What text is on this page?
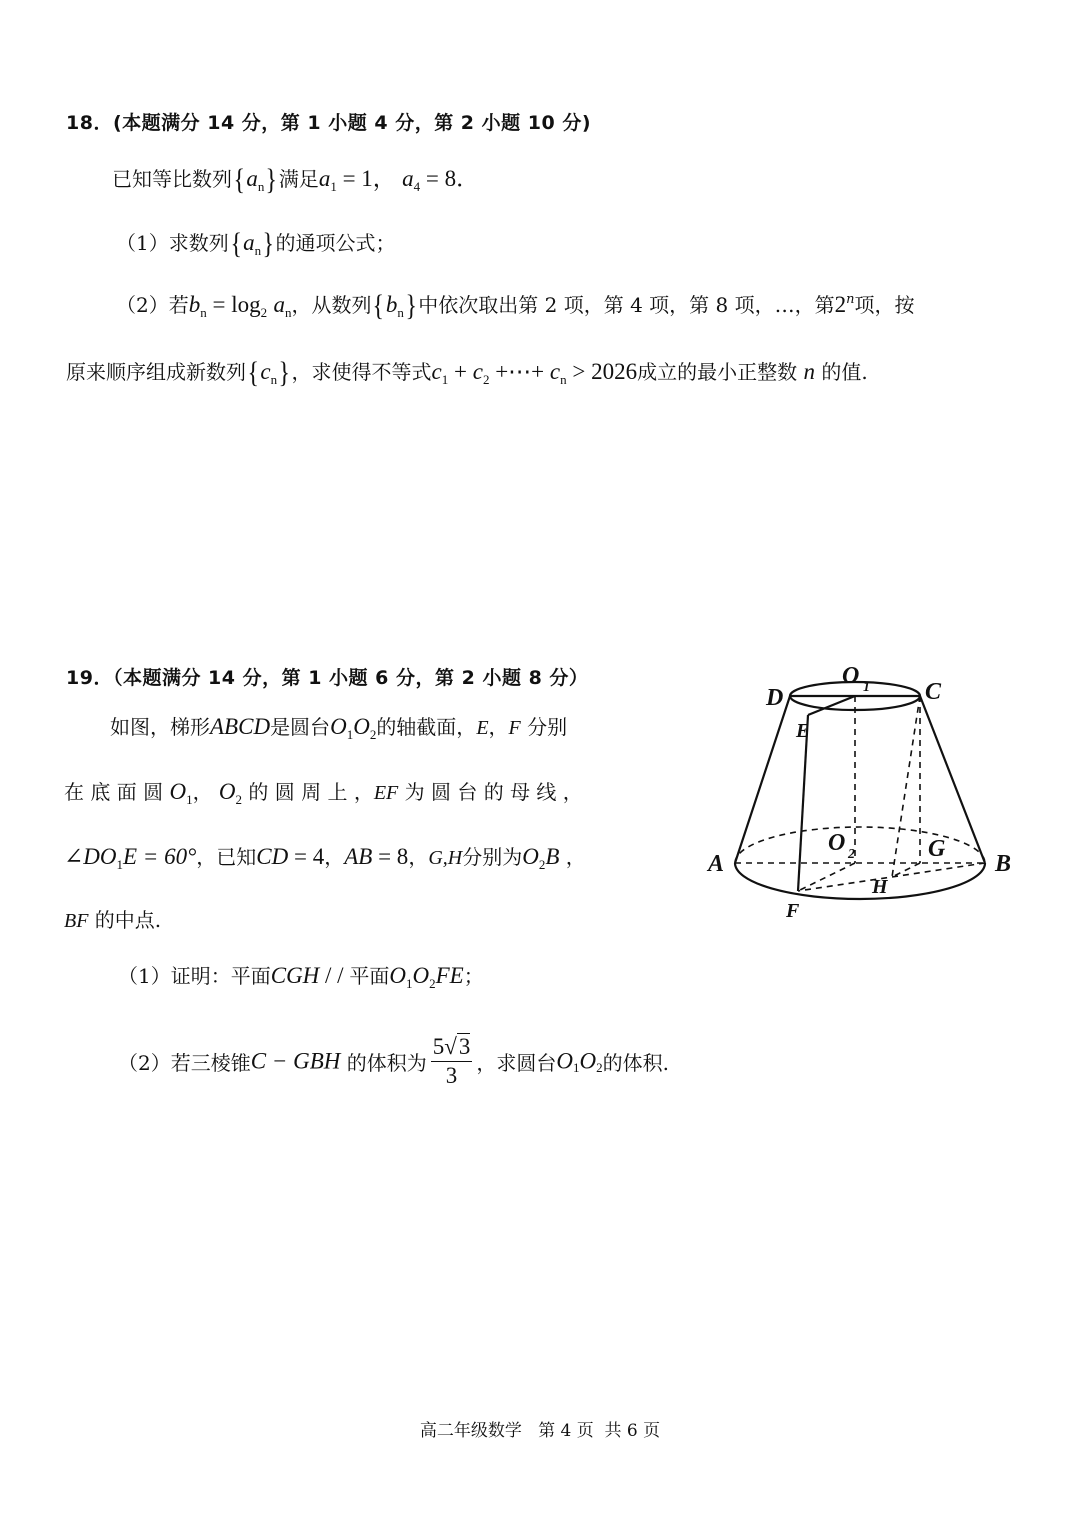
18．(本题满分 14 分，第 1 小题 4 分，第 2 小题 10 分)
已知等比数列$\{a_n\}$满足$a_1 = 1$， $a_4 = 8$．
（1）求数列$\{a_n\}$的通项公式；
（2）若$b_n = \log_2 a_n$，从数列$\{b_n\}$中依次取出第 2 项，第 4 项，第 8 项，…，第2$^n$项，按
原来顺序组成新数列$\{c_n\}$，求使得不等式$c_1 + c_2$ +⋯+ $c_n > 2026$成立的最小正整数 n 的值.
19．（本题满分 14 分，第 1 小题 6 分，第 2 小题 8 分）
如图，梯形ABCD是圆台$O_1O_2$的轴截面，E，F 分别
在 底 面 圆 $O_1$， $O_2$ 的 圆 周 上 ，EF 为 圆 台 的 母 线 ，
$\angle DO_1E = 60^\circ$，已知CD = 4，AB = 8，G,H分别为$O_2B$ ，
BF 的中点.
（1）证明：平面CGH / / 平面$O_1O_2FE$；
（2）若三棱锥C − GBH 的体积为 $\frac{5√3}{3}$ ，求圆台$O_1O_2$的体积.
O 1
D	C
E
O 2	G
A	B
H
F
高二年级数学   第 4 页  共 6 页
